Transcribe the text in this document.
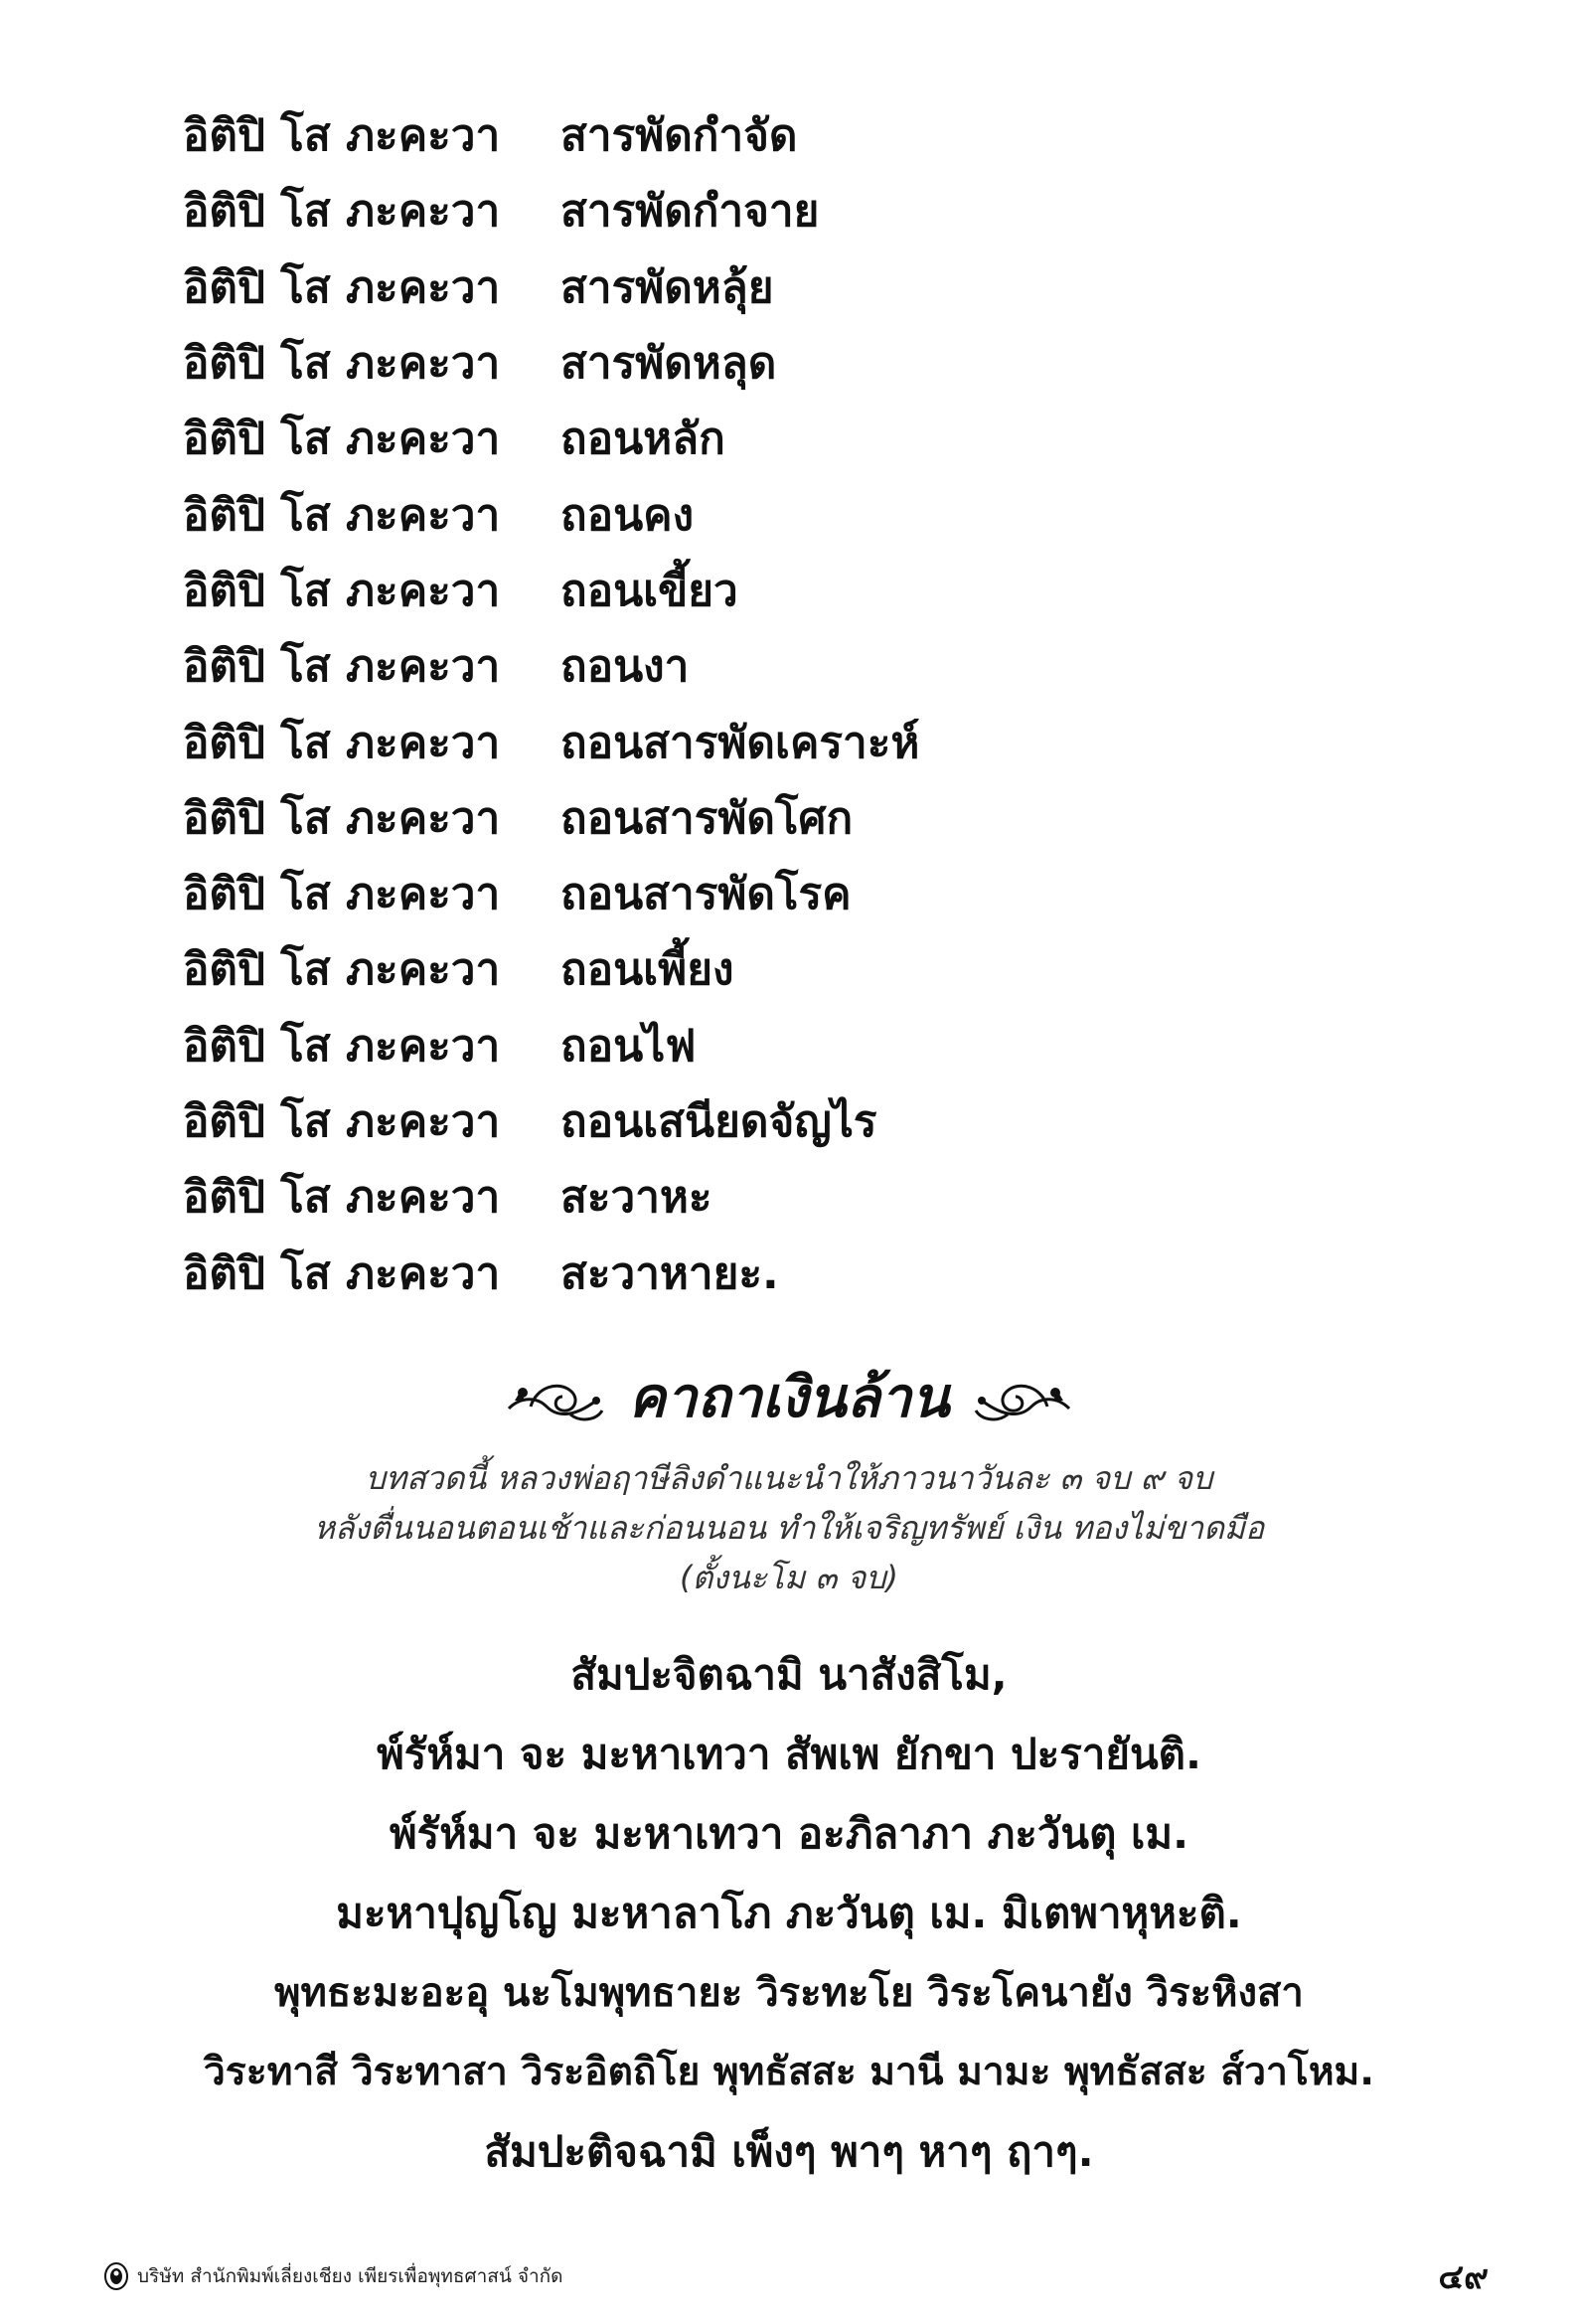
อิติปิ โส ภะคะวา	สารพัดกำจัด
อิติปิ โส ภะคะวา	สารพัดกำจาย
อิติปิ โส ภะคะวา	สารพัดหลุ้ย
อิติปิ โส ภะคะวา	สารพัดหลุด
อิติปิ โส ภะคะวา	ถอนหลัก
อิติปิ โส ภะคะวา	ถอนคง
อิติปิ โส ภะคะวา	ถอนเขี้ยว
อิติปิ โส ภะคะวา	ถอนงา
อิติปิ โส ภะคะวา	ถอนสารพัดเคราะห์
อิติปิ โส ภะคะวา	ถอนสารพัดโศก
อิติปิ โส ภะคะวา	ถอนสารพัดโรค
อิติปิ โส ภะคะวา	ถอนเพี้ยง
อิติปิ โส ภะคะวา	ถอนไฟ
อิติปิ โส ภะคะวา	ถอนเสนียดจัญไร
อิติปิ โส ภะคะวา	สะวาหะ
อิติปิ โส ภะคะวา	สะวาหายะ.
คาถาเงินล้าน
บทสวดนี้ หลวงพ่อฤาษีลิงดำแนะนำให้ภาวนาวันละ ๓ จบ ๙ จบ
หลังตื่นนอนตอนเช้าและก่อนนอน ทำให้เจริญทรัพย์ เงิน ทองไม่ขาดมือ
(ตั้งนะโม ๓ จบ)
สัมปะจิตฉามิ นาสังสิโม,
พ์รัห์มา จะ มะหาเทวา สัพเพ ยักขา ปะรายันติ.
พ์รัห์มา จะ มะหาเทวา อะภิลาภา ภะวันตุ เม.
มะหาปุญโญ มะหาลาโภ ภะวันตุ เม. มิเตพาหุหะติ.
พุทธะมะอะอุ นะโมพุทธายะ วิระทะโย วิระโคนายัง วิระหิงสา
วิระทาสี วิระทาสา วิระอิตถิโย พุทธัสสะ มานี มามะ พุทธัสสะ ส์วาโหม.
สัมปะติจฉามิ เพ็งๆ พาๆ หาๆ ฤาๆ.
บริษัท สำนักพิมพ์เลี่ยงเชียง เพียรเพื่อพุทธศาสน์ จำกัด	๔๙
